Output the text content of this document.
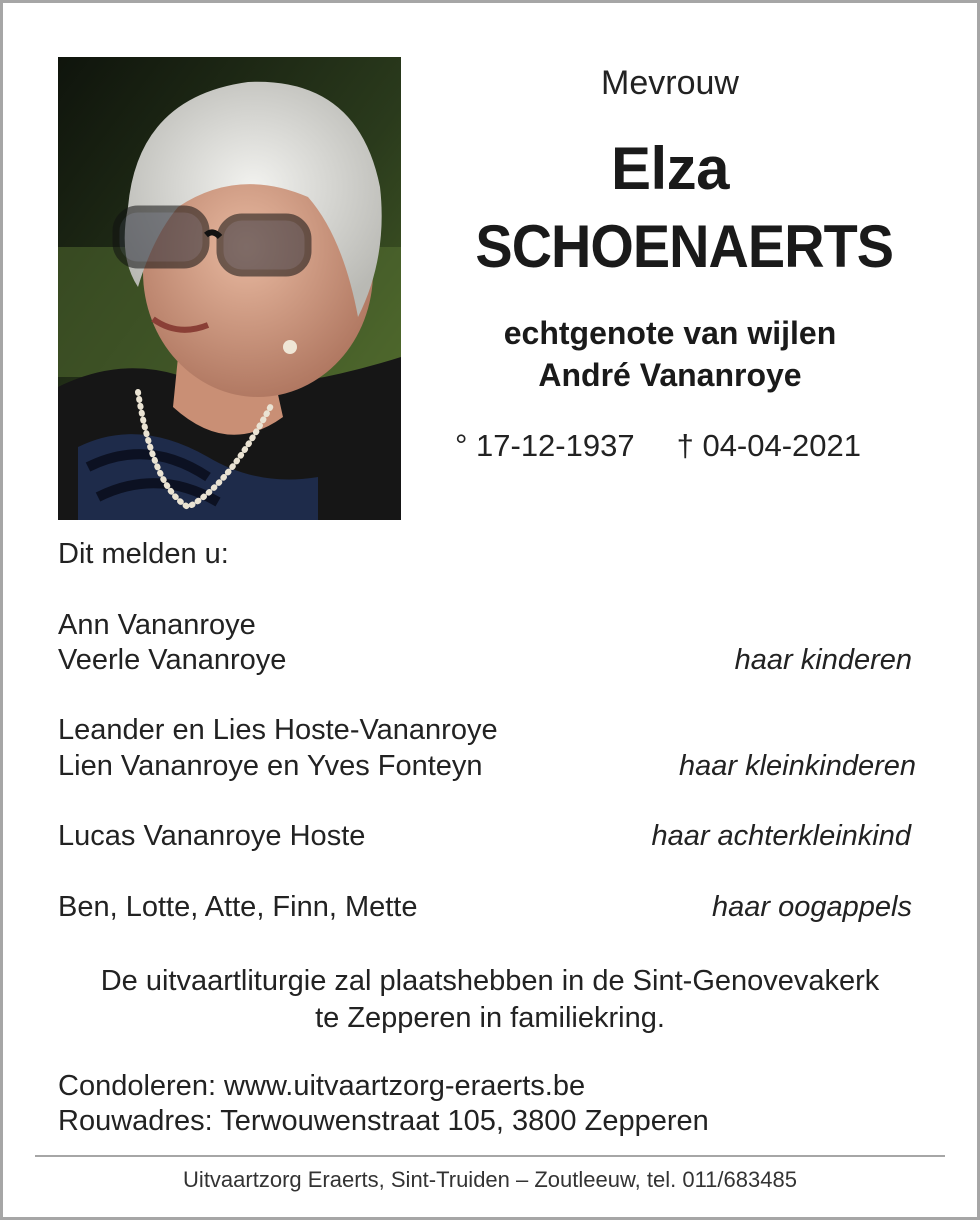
Mevrouw
Elza
SCHOENAERTS
echtgenote van wijlen
André Vananroye
° 17-12-1937 † 04-04-2021
Dit melden u:
Ann Vananroye
Veerle Vananroye	haar kinderen
Leander en Lies Hoste-Vananroye
Lien Vananroye en Yves Fonteyn	haar kleinkinderen
Lucas Vananroye Hoste	haar achterkleinkind
Ben, Lotte, Atte, Finn, Mette	haar oogappels
De uitvaartliturgie zal plaatshebben in de Sint-Genovevakerk
te Zepperen in familiekring.
Condoleren: www.uitvaartzorg-eraerts.be
Rouwadres: Terwouwenstraat 105, 3800 Zepperen
Uitvaartzorg Eraerts, Sint-Truiden – Zoutleeuw, tel. 011/683485
